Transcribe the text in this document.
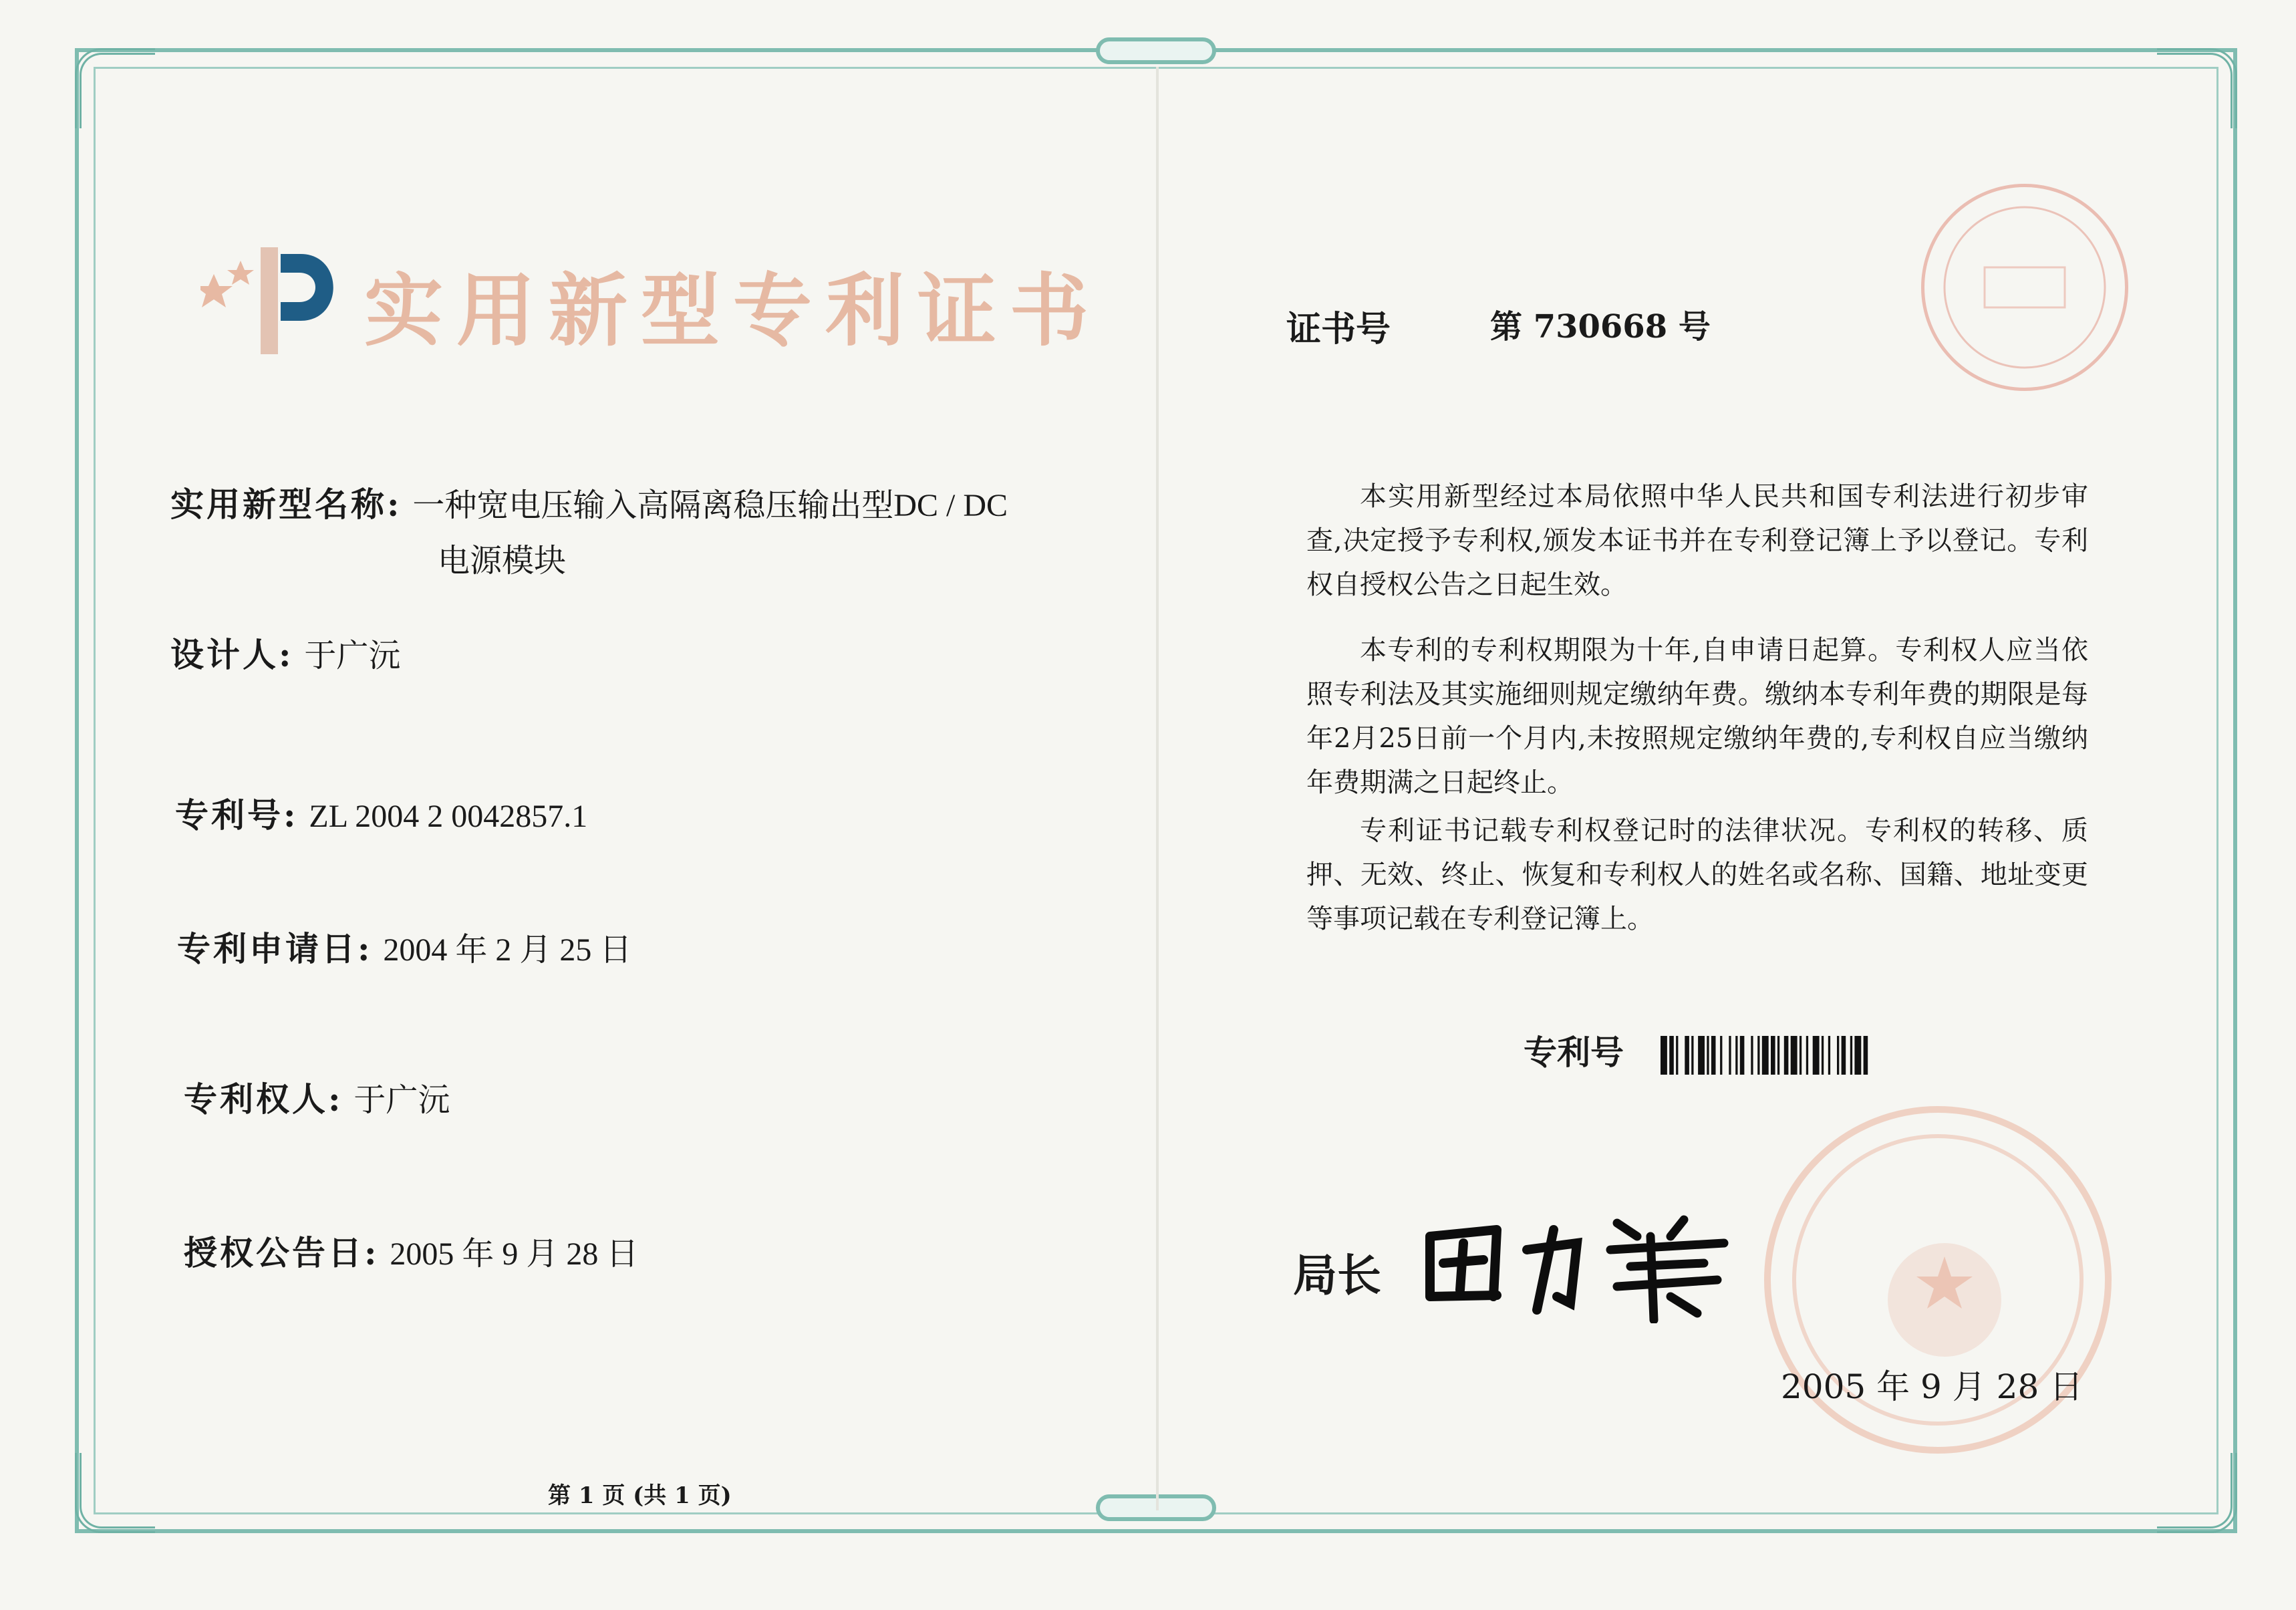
实用新型专利证书
实用新型名称: 一种宽电压输入高隔离稳压输出型DC / DC
电源模块
设计人: 于广沅
专利号: ZL 2004 2 0042857.1
专利申请日: 2004 年 2 月 25 日
专利权人: 于广沅
授权公告日: 2005 年 9 月 28 日
第 1 页 (共 1 页)
证书号	第 730668 号
本实用新型经过本局依照中华人民共和国专利法进行初步审查,决定授予专利权,颁发本证书并在专利登记簿上予以登记。专利权自授权公告之日起生效。
本专利的专利权期限为十年,自申请日起算。专利权人应当依照专利法及其实施细则规定缴纳年费。缴纳本专利年费的期限是每年2月25日前一个月内,未按照规定缴纳年费的,专利权自应当缴纳年费期满之日起终止。
专利证书记载专利权登记时的法律状况。专利权的转移、质押、无效、终止、恢复和专利权人的姓名或名称、国籍、地址变更等事项记载在专利登记簿上。
专利号
局长
2005 年 9 月 28 日
